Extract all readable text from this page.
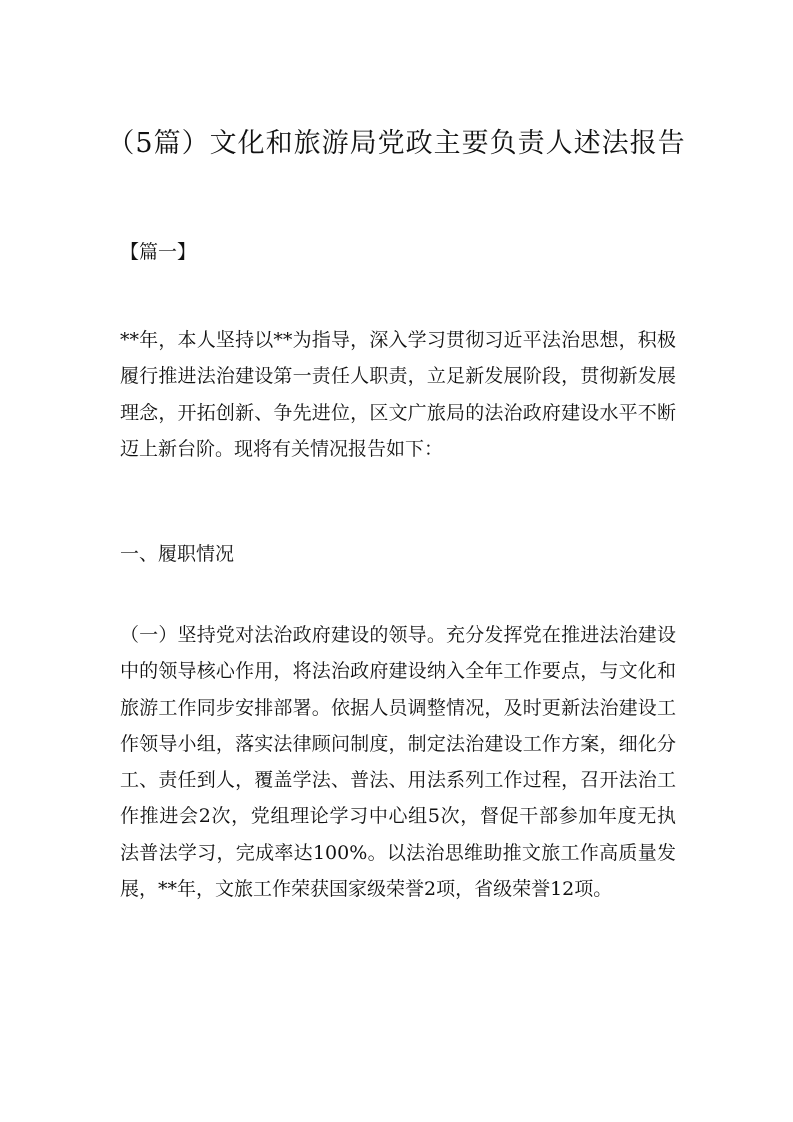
（5篇）文化和旅游局党政主要负责人述法报告

【篇一】

**年，本人坚持以**为指导，深入学习贯彻习近平法治思想，积极履行推进法治建设第一责任人职责，立足新发展阶段，贯彻新发展理念，开拓创新、争先进位，区文广旅局的法治政府建设水平不断迈上新台阶。现将有关情况报告如下：

一、履职情况

（一）坚持党对法治政府建设的领导。充分发挥党在推进法治建设中的领导核心作用，将法治政府建设纳入全年工作要点，与文化和旅游工作同步安排部署。依据人员调整情况，及时更新法治建设工作领导小组，落实法律顾问制度，制定法治建设工作方案，细化分工、责任到人，覆盖学法、普法、用法系列工作过程，召开法治工作推进会2次，党组理论学习中心组5次，督促干部参加年度无执法普法学习，完成率达100%。以法治思维助推文旅工作高质量发展，**年，文旅工作荣获国家级荣誉2项，省级荣誉12项。
